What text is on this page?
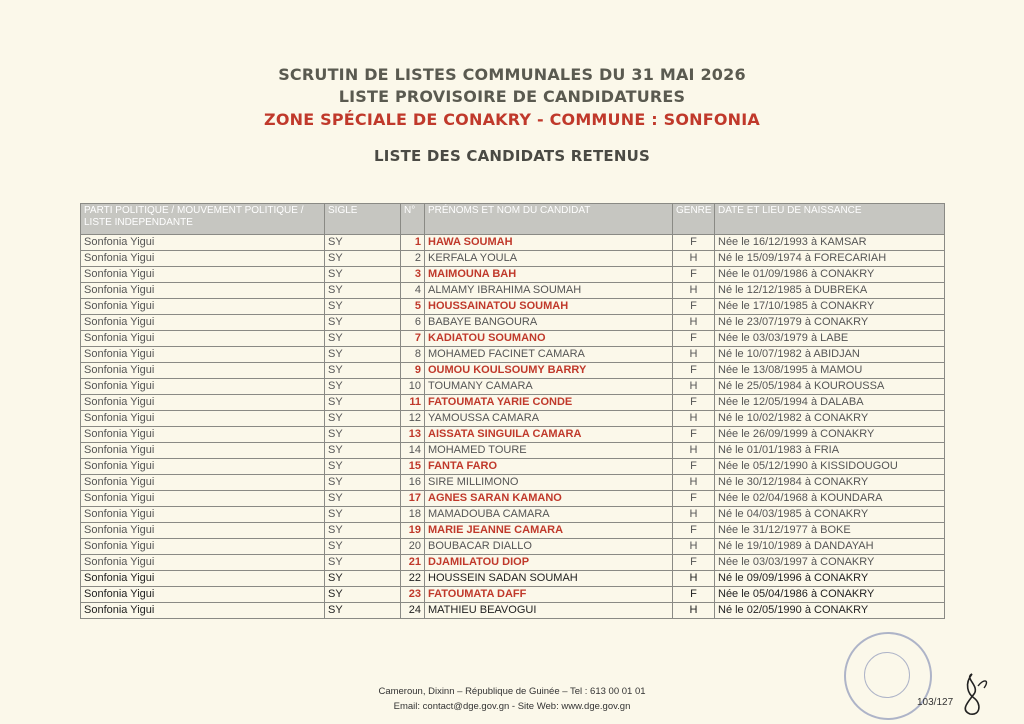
SCRUTIN DE LISTES COMMUNALES DU 31 MAI 2026
LISTE PROVISOIRE DE CANDIDATURES
ZONE SPÉCIALE DE CONAKRY - COMMUNE : SONFONIA
LISTE DES CANDIDATS RETENUS
PARTI POLITIQUE / MOUVEMENT POLITIQUE / LISTE INDEPENDANTE	SIGLE	N°	PRÉNOMS ET NOM DU CANDIDAT	GENRE	DATE ET LIEU DE NAISSANCE
Sonfonia Yigui	SY	1	HAWA SOUMAH	F	Née le 16/12/1993 à KAMSAR
Sonfonia Yigui	SY	2	KERFALA YOULA	H	Né le 15/09/1974 à FORECARIAH
Sonfonia Yigui	SY	3	MAIMOUNA BAH	F	Née le 01/09/1986 à CONAKRY
Sonfonia Yigui	SY	4	ALMAMY IBRAHIMA SOUMAH	H	Né le 12/12/1985 à DUBREKA
Sonfonia Yigui	SY	5	HOUSSAINATOU SOUMAH	F	Née le 17/10/1985 à CONAKRY
Sonfonia Yigui	SY	6	BABAYE BANGOURA	H	Né le 23/07/1979 à CONAKRY
Sonfonia Yigui	SY	7	KADIATOU SOUMANO	F	Née le 03/03/1979 à LABE
Sonfonia Yigui	SY	8	MOHAMED FACINET CAMARA	H	Né le 10/07/1982 à ABIDJAN
Sonfonia Yigui	SY	9	OUMOU KOULSOUMY BARRY	F	Née le 13/08/1995 à MAMOU
Sonfonia Yigui	SY	10	TOUMANY CAMARA	H	Né le 25/05/1984 à KOUROUSSA
Sonfonia Yigui	SY	11	FATOUMATA YARIE CONDE	F	Née le 12/05/1994 à DALABA
Sonfonia Yigui	SY	12	YAMOUSSA CAMARA	H	Né le 10/02/1982 à CONAKRY
Sonfonia Yigui	SY	13	AISSATA SINGUILA CAMARA	F	Née le 26/09/1999 à CONAKRY
Sonfonia Yigui	SY	14	MOHAMED TOURE	H	Né le 01/01/1983 à FRIA
Sonfonia Yigui	SY	15	FANTA FARO	F	Née le 05/12/1990 à KISSIDOUGOU
Sonfonia Yigui	SY	16	SIRE MILLIMONO	H	Né le 30/12/1984 à CONAKRY
Sonfonia Yigui	SY	17	AGNES SARAN KAMANO	F	Née le 02/04/1968 à KOUNDARA
Sonfonia Yigui	SY	18	MAMADOUBA CAMARA	H	Né le 04/03/1985 à CONAKRY
Sonfonia Yigui	SY	19	MARIE JEANNE CAMARA	F	Née le 31/12/1977 à BOKE
Sonfonia Yigui	SY	20	BOUBACAR DIALLO	H	Né le 19/10/1989 à DANDAYAH
Sonfonia Yigui	SY	21	DJAMILATOU DIOP	F	Née le 03/03/1997 à CONAKRY
Sonfonia Yigui	SY	22	HOUSSEIN SADAN SOUMAH	H	Né le 09/09/1996 à CONAKRY
Sonfonia Yigui	SY	23	FATOUMATA DAFF	F	Née le 05/04/1986 à CONAKRY
Sonfonia Yigui	SY	24	MATHIEU BEAVOGUI	H	Né le 02/05/1990 à CONAKRY
Cameroun, Dixinn – République de Guinée – Tel : 613 00 01 01
Email: contact@dge.gov.gn - Site Web: www.dge.gov.gn	103/127
